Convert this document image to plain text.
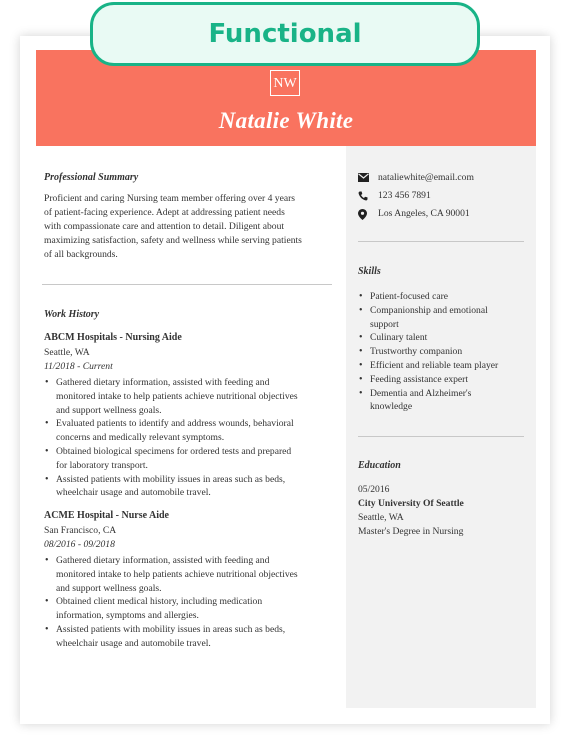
Functional
NW
Natalie White
Professional Summary
Proficient and caring Nursing team member offering over 4 years
of patient-facing experience. Adept at addressing patient needs
with compassionate care and attention to detail. Diligent about
maximizing satisfaction, safety and wellness while serving patients
of all backgrounds.
Work History
ABCM Hospitals - Nursing Aide
Seattle, WA
11/2018 - Current
• Gathered dietary information, assisted with feeding and
monitored intake to help patients achieve nutritional objectives
and support wellness goals.
• Evaluated patients to identify and address wounds, behavioral
concerns and medically relevant symptoms.
• Obtained biological specimens for ordered tests and prepared
for laboratory transport.
• Assisted patients with mobility issues in areas such as beds,
wheelchair usage and automobile travel.
ACME Hospital - Nurse Aide
San Francisco, CA
08/2016 - 09/2018
• Gathered dietary information, assisted with feeding and
monitored intake to help patients achieve nutritional objectives
and support wellness goals.
• Obtained client medical history, including medication
information, symptoms and allergies.
• Assisted patients with mobility issues in areas such as beds,
wheelchair usage and automobile travel.
nataliewhite@email.com
123 456 7891
Los Angeles, CA 90001
Skills
• Patient-focused care
• Companionship and emotional
support
• Culinary talent
• Trustworthy companion
• Efficient and reliable team player
• Feeding assistance expert
• Dementia and Alzheimer's
knowledge
Education
05/2016
City University Of Seattle
Seattle, WA
Master's Degree in Nursing
